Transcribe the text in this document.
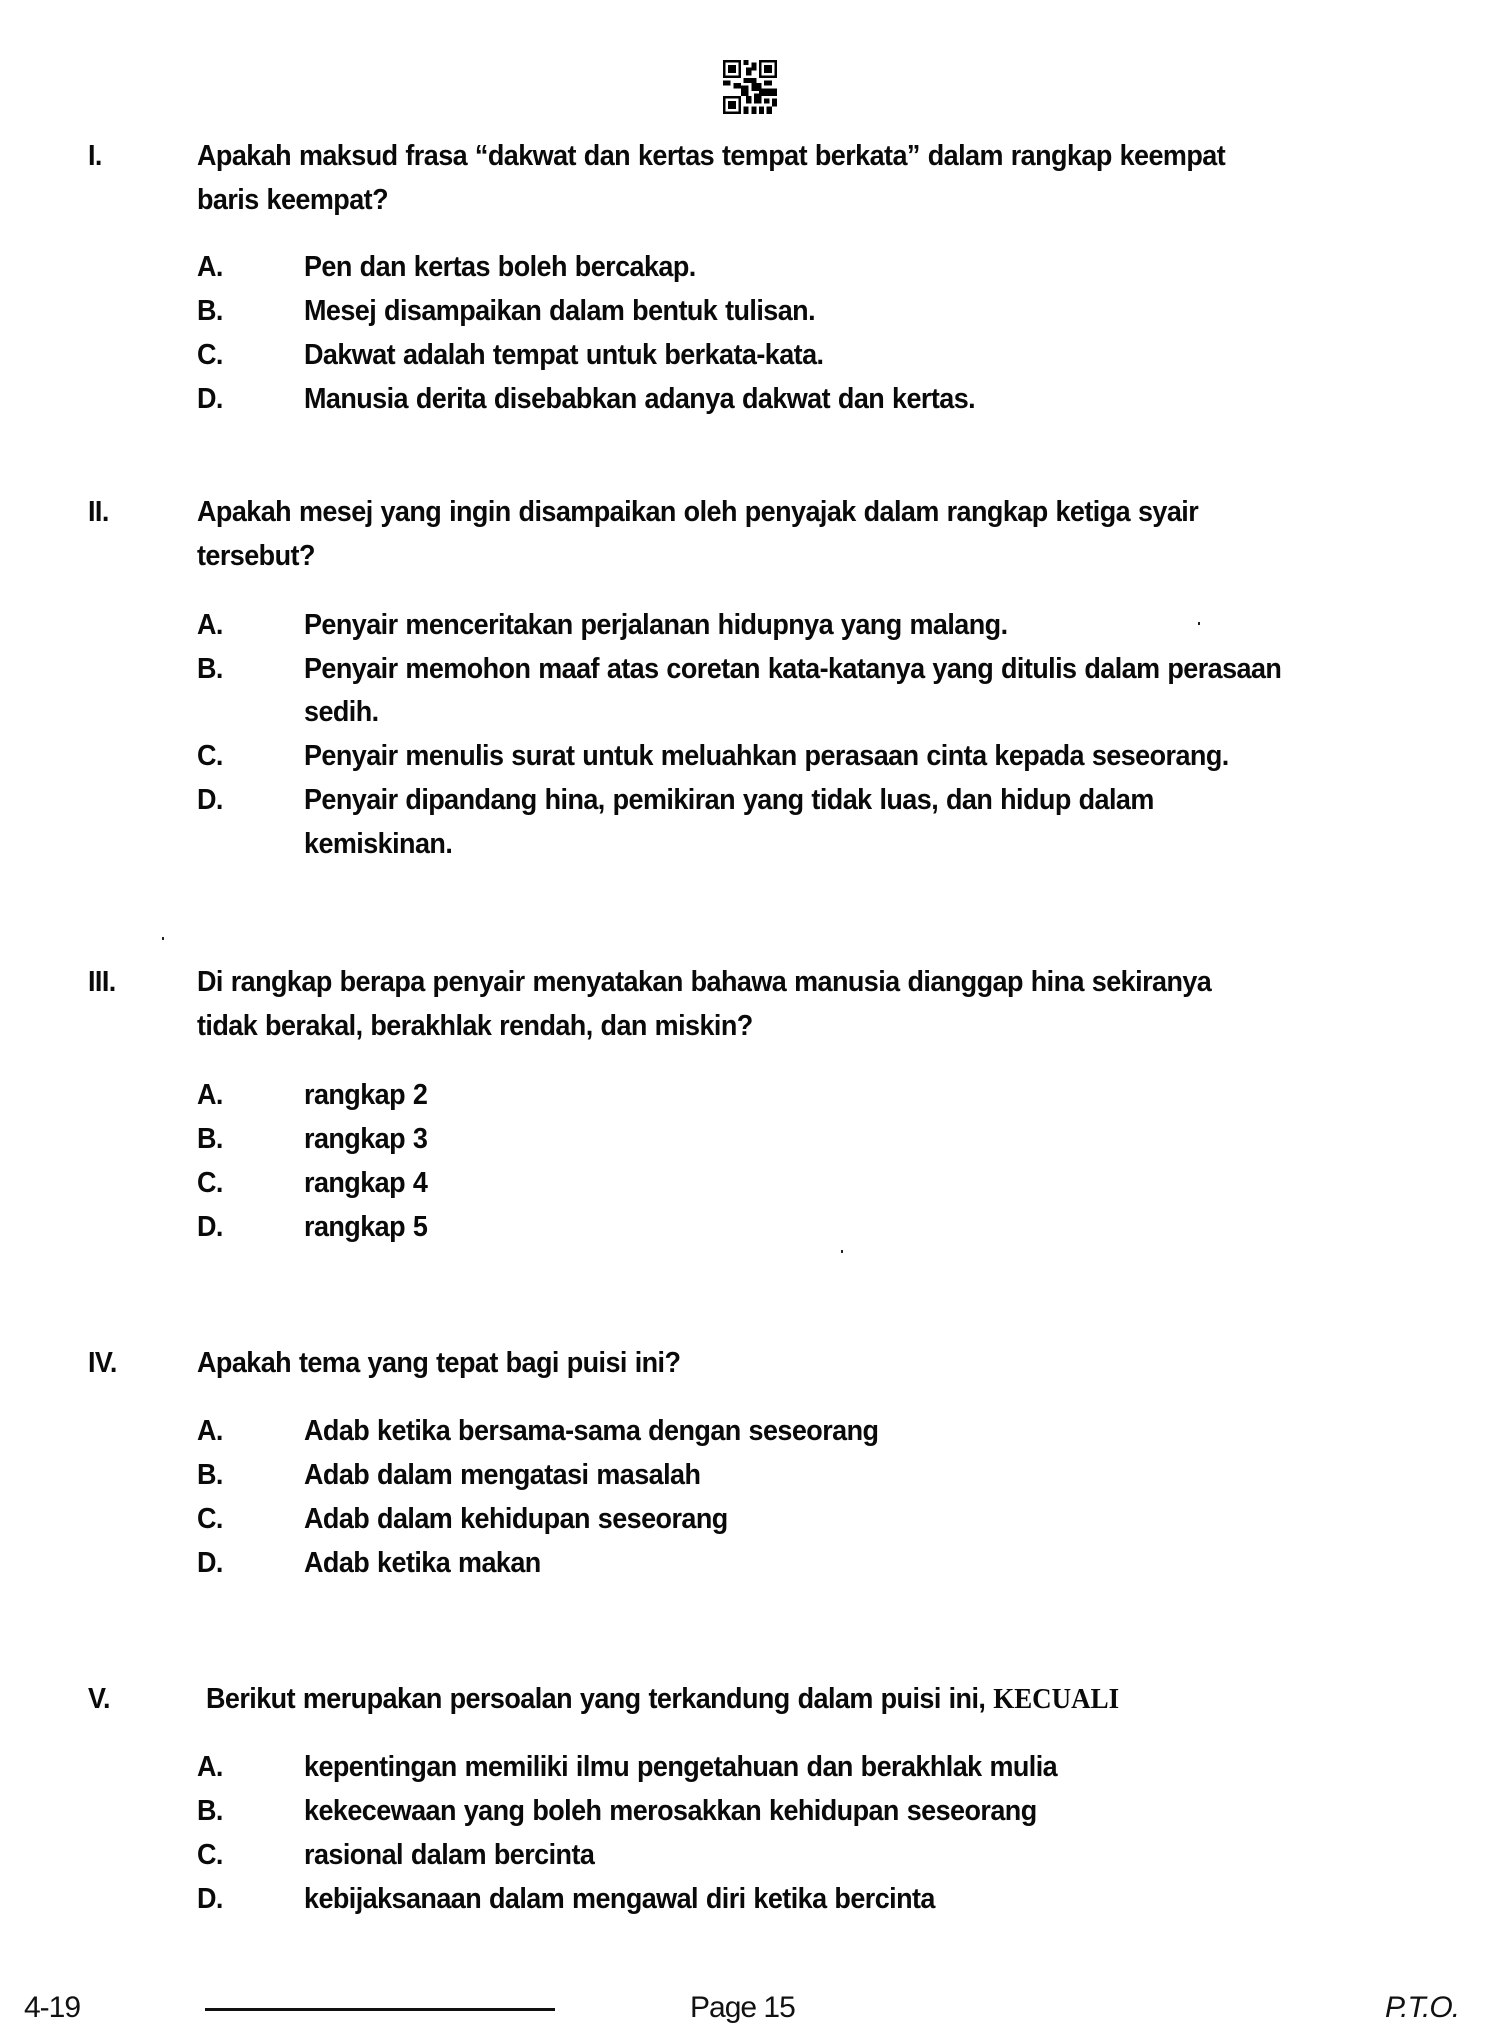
I.	Apakah maksud frasa “dakwat dan kertas tempat berkata” dalam rangkap keempat
baris keempat?
A.	Pen dan kertas boleh bercakap.
B.	Mesej disampaikan dalam bentuk tulisan.
C.	Dakwat adalah tempat untuk berkata-kata.
D.	Manusia derita disebabkan adanya dakwat dan kertas.
II.	Apakah mesej yang ingin disampaikan oleh penyajak dalam rangkap ketiga syair
tersebut?
A.	Penyair menceritakan perjalanan hidupnya yang malang.
B.	Penyair memohon maaf atas coretan kata-katanya yang ditulis dalam perasaan
sedih.
C.	Penyair menulis surat untuk meluahkan perasaan cinta kepada seseorang.
D.	Penyair dipandang hina, pemikiran yang tidak luas, dan hidup dalam
kemiskinan.
III.	Di rangkap berapa penyair menyatakan bahawa manusia dianggap hina sekiranya
tidak berakal, berakhlak rendah, dan miskin?
A.	rangkap 2
B.	rangkap 3
C.	rangkap 4
D.	rangkap 5
IV.	Apakah tema yang tepat bagi puisi ini?
A.	Adab ketika bersama-sama dengan seseorang
B.	Adab dalam mengatasi masalah
C.	Adab dalam kehidupan seseorang
D.	Adab ketika makan
V.	Berikut merupakan persoalan yang terkandung dalam puisi ini, KECUALI
A.	kepentingan memiliki ilmu pengetahuan dan berakhlak mulia
B.	kekecewaan yang boleh merosakkan kehidupan seseorang
C.	rasional dalam bercinta
D.	kebijaksanaan dalam mengawal diri ketika bercinta
4-19	Page 15	P.T.O.
